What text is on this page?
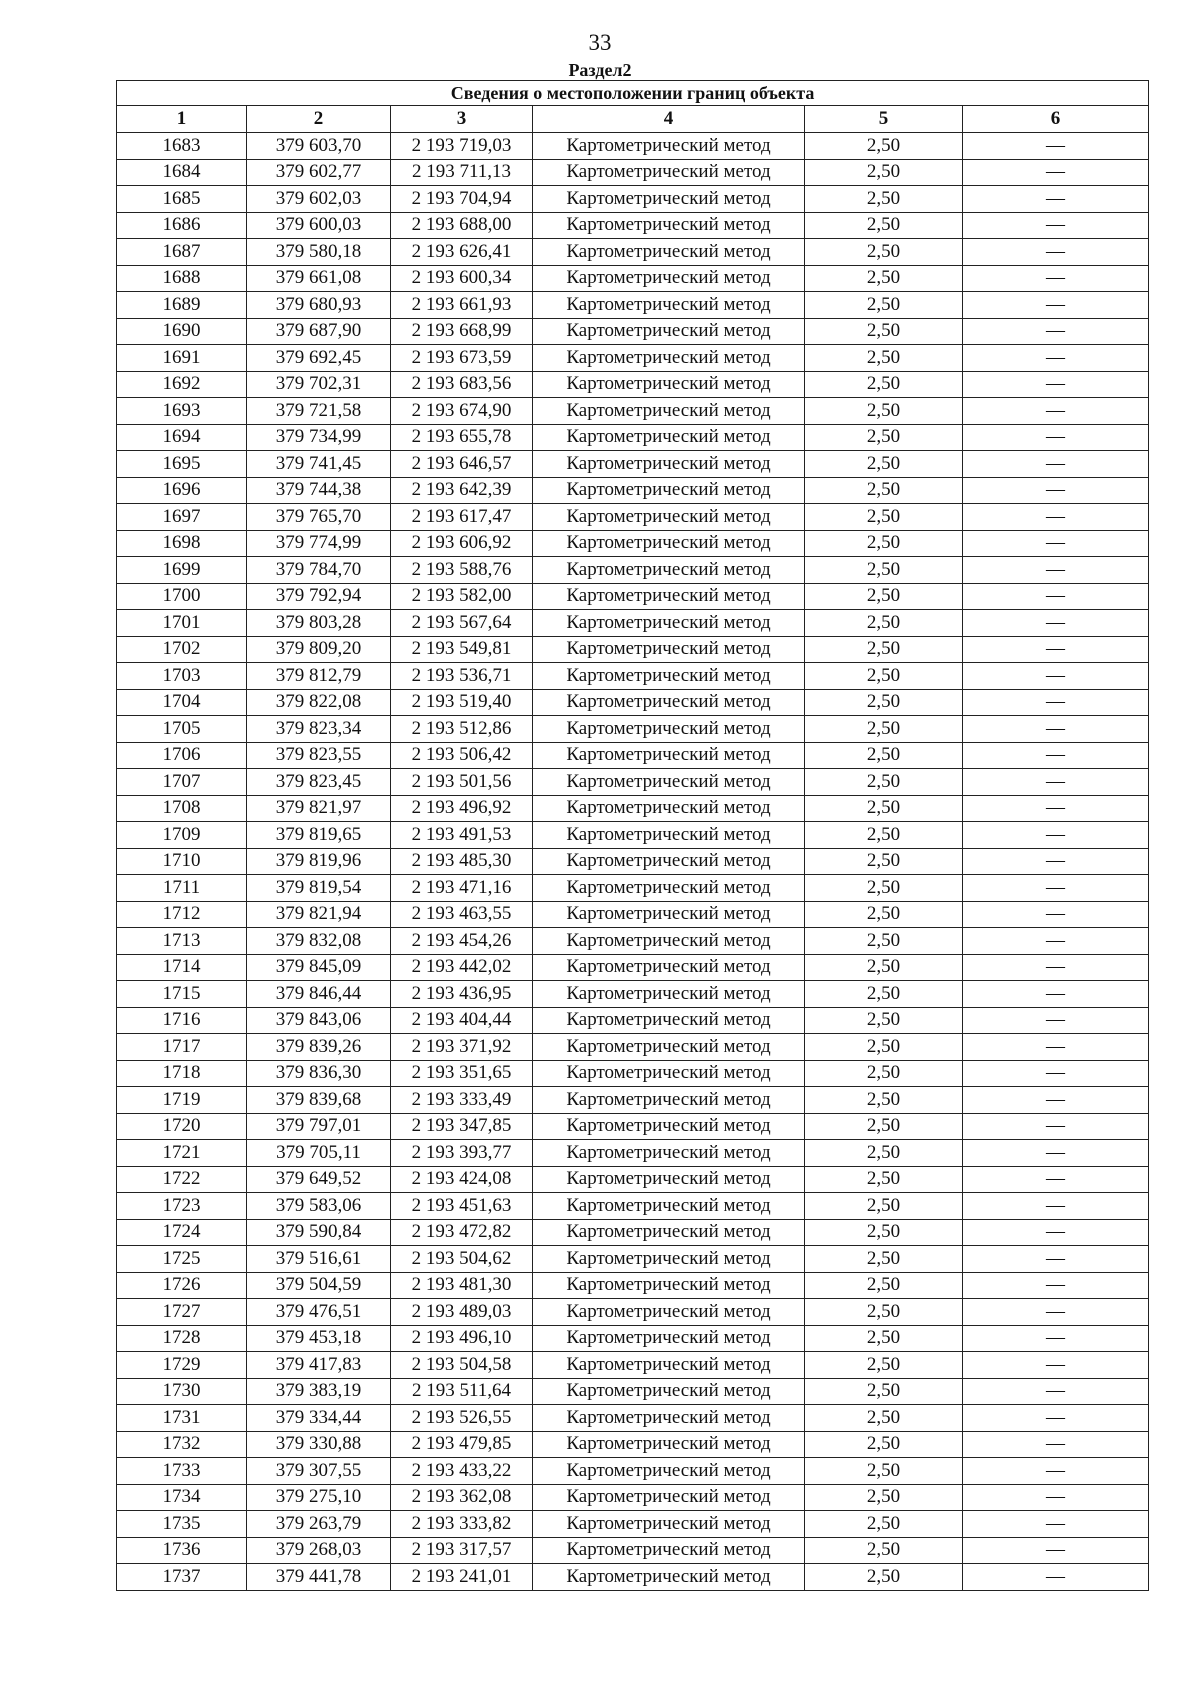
33
Раздел2
Сведения о местоположении границ объекта					
1	2	3	4	5	6
1683	379 603,70	2 193 719,03	Картометрический метод	2,50	—
1684	379 602,77	2 193 711,13	Картометрический метод	2,50	—
1685	379 602,03	2 193 704,94	Картометрический метод	2,50	—
1686	379 600,03	2 193 688,00	Картометрический метод	2,50	—
1687	379 580,18	2 193 626,41	Картометрический метод	2,50	—
1688	379 661,08	2 193 600,34	Картометрический метод	2,50	—
1689	379 680,93	2 193 661,93	Картометрический метод	2,50	—
1690	379 687,90	2 193 668,99	Картометрический метод	2,50	—
1691	379 692,45	2 193 673,59	Картометрический метод	2,50	—
1692	379 702,31	2 193 683,56	Картометрический метод	2,50	—
1693	379 721,58	2 193 674,90	Картометрический метод	2,50	—
1694	379 734,99	2 193 655,78	Картометрический метод	2,50	—
1695	379 741,45	2 193 646,57	Картометрический метод	2,50	—
1696	379 744,38	2 193 642,39	Картометрический метод	2,50	—
1697	379 765,70	2 193 617,47	Картометрический метод	2,50	—
1698	379 774,99	2 193 606,92	Картометрический метод	2,50	—
1699	379 784,70	2 193 588,76	Картометрический метод	2,50	—
1700	379 792,94	2 193 582,00	Картометрический метод	2,50	—
1701	379 803,28	2 193 567,64	Картометрический метод	2,50	—
1702	379 809,20	2 193 549,81	Картометрический метод	2,50	—
1703	379 812,79	2 193 536,71	Картометрический метод	2,50	—
1704	379 822,08	2 193 519,40	Картометрический метод	2,50	—
1705	379 823,34	2 193 512,86	Картометрический метод	2,50	—
1706	379 823,55	2 193 506,42	Картометрический метод	2,50	—
1707	379 823,45	2 193 501,56	Картометрический метод	2,50	—
1708	379 821,97	2 193 496,92	Картометрический метод	2,50	—
1709	379 819,65	2 193 491,53	Картометрический метод	2,50	—
1710	379 819,96	2 193 485,30	Картометрический метод	2,50	—
1711	379 819,54	2 193 471,16	Картометрический метод	2,50	—
1712	379 821,94	2 193 463,55	Картометрический метод	2,50	—
1713	379 832,08	2 193 454,26	Картометрический метод	2,50	—
1714	379 845,09	2 193 442,02	Картометрический метод	2,50	—
1715	379 846,44	2 193 436,95	Картометрический метод	2,50	—
1716	379 843,06	2 193 404,44	Картометрический метод	2,50	—
1717	379 839,26	2 193 371,92	Картометрический метод	2,50	—
1718	379 836,30	2 193 351,65	Картометрический метод	2,50	—
1719	379 839,68	2 193 333,49	Картометрический метод	2,50	—
1720	379 797,01	2 193 347,85	Картометрический метод	2,50	—
1721	379 705,11	2 193 393,77	Картометрический метод	2,50	—
1722	379 649,52	2 193 424,08	Картометрический метод	2,50	—
1723	379 583,06	2 193 451,63	Картометрический метод	2,50	—
1724	379 590,84	2 193 472,82	Картометрический метод	2,50	—
1725	379 516,61	2 193 504,62	Картометрический метод	2,50	—
1726	379 504,59	2 193 481,30	Картометрический метод	2,50	—
1727	379 476,51	2 193 489,03	Картометрический метод	2,50	—
1728	379 453,18	2 193 496,10	Картометрический метод	2,50	—
1729	379 417,83	2 193 504,58	Картометрический метод	2,50	—
1730	379 383,19	2 193 511,64	Картометрический метод	2,50	—
1731	379 334,44	2 193 526,55	Картометрический метод	2,50	—
1732	379 330,88	2 193 479,85	Картометрический метод	2,50	—
1733	379 307,55	2 193 433,22	Картометрический метод	2,50	—
1734	379 275,10	2 193 362,08	Картометрический метод	2,50	—
1735	379 263,79	2 193 333,82	Картометрический метод	2,50	—
1736	379 268,03	2 193 317,57	Картометрический метод	2,50	—
1737	379 441,78	2 193 241,01	Картометрический метод	2,50	—
